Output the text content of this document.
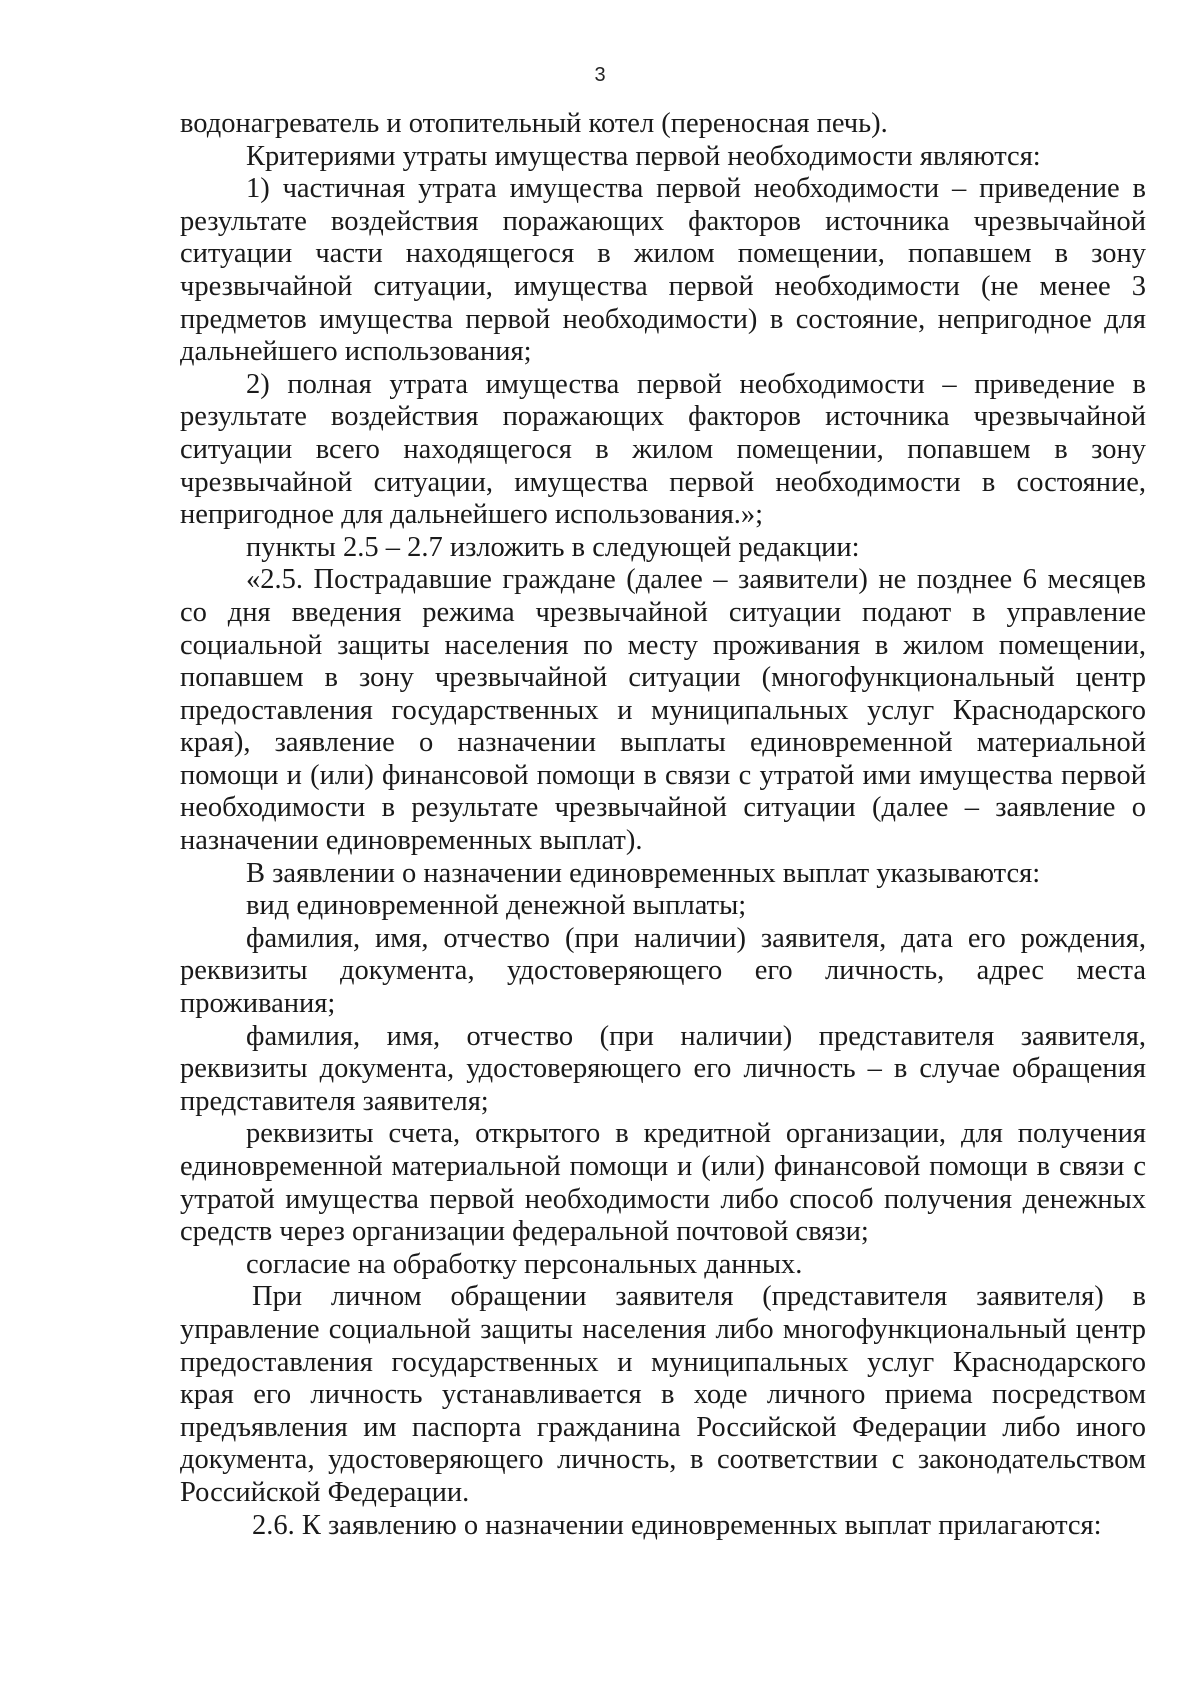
3

водонагреватель и отопительный котел (переносная печь).

Критериями утраты имущества первой необходимости являются:

1) частичная утрата имущества первой необходимости – приведение в результате воздействия поражающих факторов источника чрезвычайной ситуации части находящегося в жилом помещении, попавшем в зону чрезвычайной ситуации, имущества первой необходимости (не менее 3 предметов имущества первой необходимости) в состояние, непригодное для дальнейшего использования;

2) полная утрата имущества первой необходимости – приведение в результате воздействия поражающих факторов источника чрезвычайной ситуации всего находящегося в жилом помещении, попавшем в зону чрезвычайной ситуации, имущества первой необходимости в состояние, непригодное для дальнейшего использования.»;

пункты 2.5 – 2.7 изложить в следующей редакции:

«2.5. Пострадавшие граждане (далее – заявители) не позднее 6 месяцев со дня введения режима чрезвычайной ситуации подают в управление социальной защиты населения по месту проживания в жилом помещении, попавшем в зону чрезвычайной ситуации (многофункциональный центр предоставления государственных и муниципальных услуг Краснодарского края), заявление о назначении выплаты единовременной материальной помощи и (или) финансовой помощи в связи с утратой ими имущества первой необходимости в результате чрезвычайной ситуации (далее – заявление о назначении единовременных выплат).

В заявлении о назначении единовременных выплат указываются:

вид единовременной денежной выплаты;

фамилия, имя, отчество (при наличии) заявителя, дата его рождения, реквизиты документа, удостоверяющего его личность, адрес места проживания;

фамилия, имя, отчество (при наличии) представителя заявителя, реквизиты документа, удостоверяющего его личность – в случае обращения представителя заявителя;

реквизиты счета, открытого в кредитной организации, для получения единовременной материальной помощи и (или) финансовой помощи в связи с утратой имущества первой необходимости либо способ получения денежных средств через организации федеральной почтовой связи;

согласие на обработку персональных данных.

При личном обращении заявителя (представителя заявителя) в управление социальной защиты населения либо многофункциональный центр предоставления государственных и муниципальных услуг Краснодарского края его личность устанавливается в ходе личного приема посредством предъявления им паспорта гражданина Российской Федерации либо иного документа, удостоверяющего личность, в соответствии с законодательством Российской Федерации.

2.6. К заявлению о назначении единовременных выплат прилагаются:
